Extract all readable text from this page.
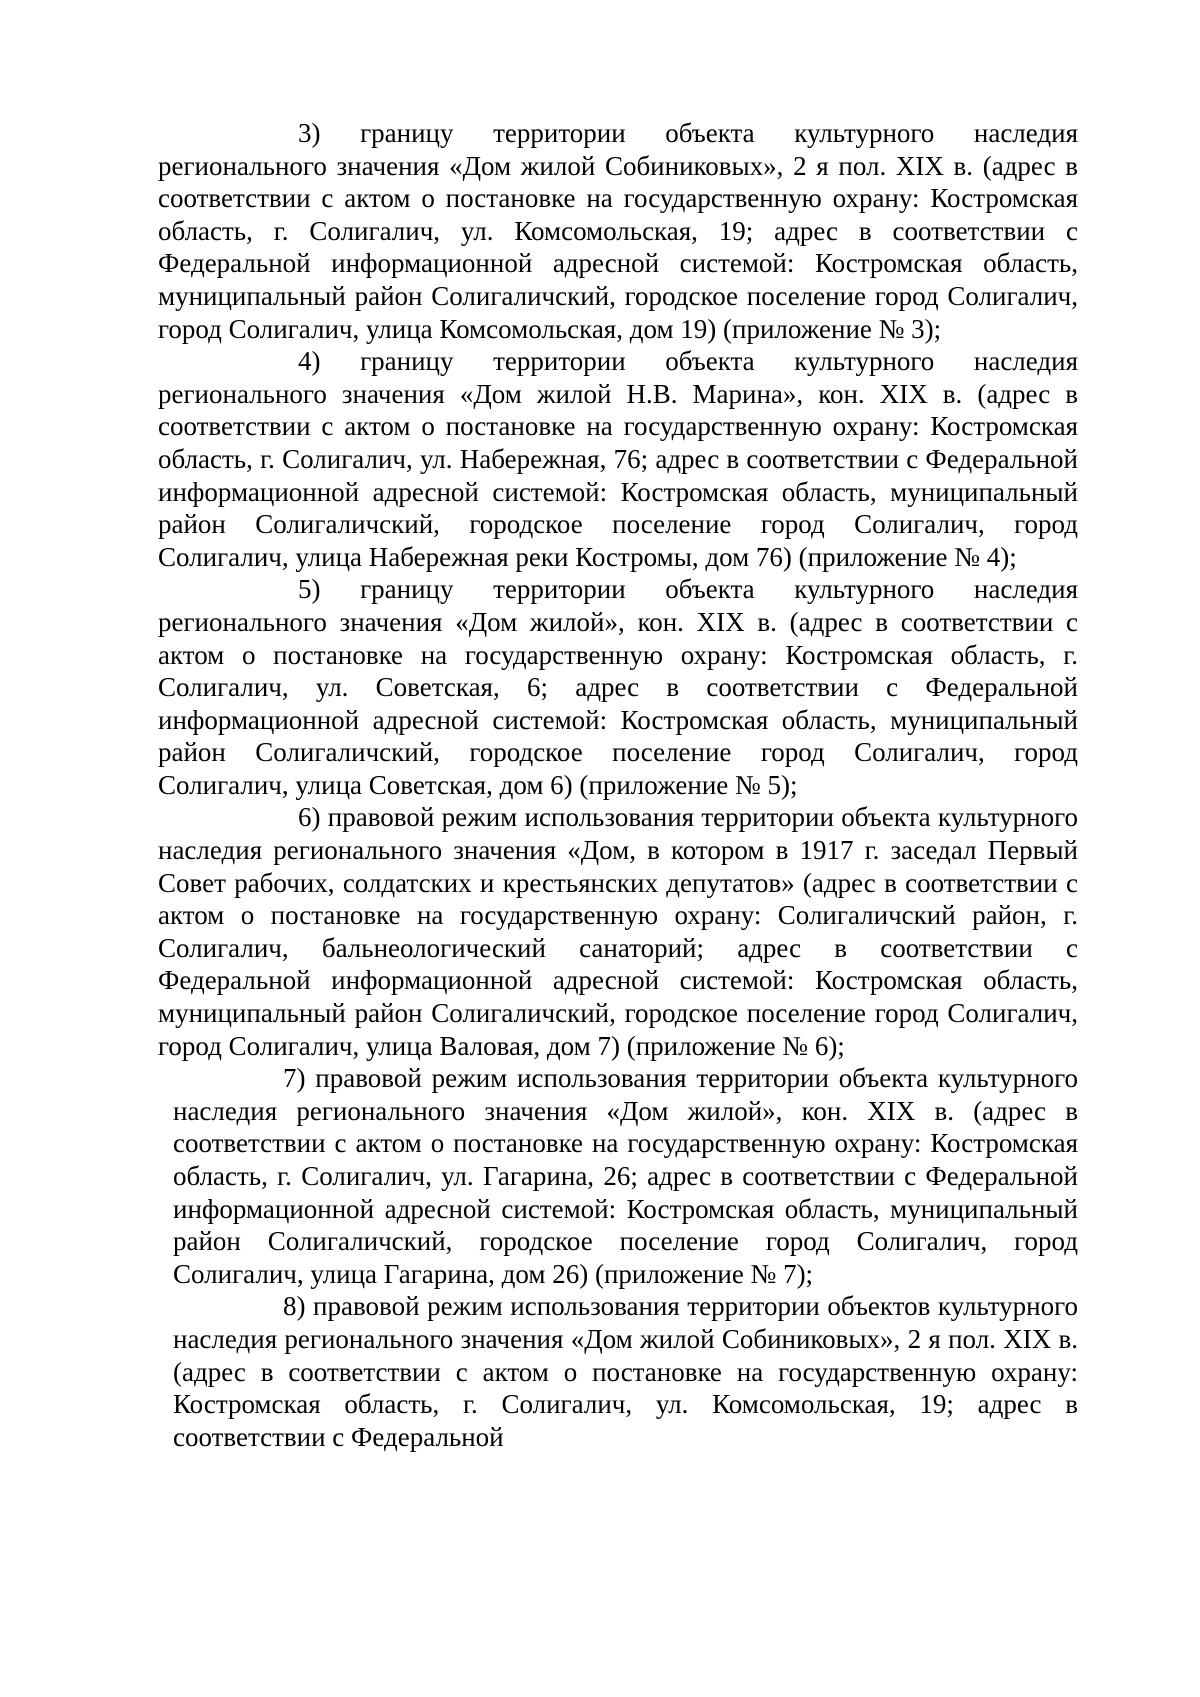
3) границу территории объекта культурного наследия регионального значения «Дом жилой Собиниковых», 2 я пол. XIX в. (адрес в соответствии с актом о постановке на государственную охрану: Костромская область, г. Солигалич, ул. Комсомольская, 19; адрес в соответствии с Федеральной информационной адресной системой: Костромская область, муниципальный район Солигаличский, городское поселение город Солигалич, город Солигалич, улица Комсомольская, дом 19) (приложение № 3);

4) границу территории объекта культурного наследия регионального значения «Дом жилой Н.В. Марина», кон. XIX в. (адрес в соответствии с актом о постановке на государственную охрану: Костромская область, г. Солигалич, ул. Набережная, 76; адрес в соответствии с Федеральной информационной адресной системой: Костромская область, муниципальный район Солигаличский, городское поселение город Солигалич, город Солигалич, улица Набережная реки Костромы, дом 76) (приложение № 4);

5) границу территории объекта культурного наследия регионального значения «Дом жилой», кон. XIX в. (адрес в соответствии с актом о постановке на государственную охрану: Костромская область, г. Солигалич, ул. Советская, 6; адрес в соответствии с Федеральной информационной адресной системой: Костромская область, муниципальный район Солигаличский, городское поселение город Солигалич, город Солигалич, улица Советская, дом 6) (приложение № 5);

6) правовой режим использования территории объекта культурного наследия регионального значения «Дом, в котором в 1917 г. заседал Первый Совет рабочих, солдатских и крестьянских депутатов» (адрес в соответствии с актом о постановке на государственную охрану: Солигаличский район, г. Солигалич, бальнеологический санаторий; адрес в соответствии с Федеральной информационной адресной системой: Костромская область, муниципальный район Солигаличский, городское поселение город Солигалич, город Солигалич, улица Валовая, дом 7) (приложение № 6);

7) правовой режим использования территории объекта культурного наследия регионального значения «Дом жилой», кон. XIX в. (адрес в соответствии с актом о постановке на государственную охрану: Костромская область, г. Солигалич, ул. Гагарина, 26; адрес в соответствии с Федеральной информационной адресной системой: Костромская область, муниципальный район Солигаличский, городское поселение город Солигалич, город Солигалич, улица Гагарина, дом 26) (приложение № 7);

8) правовой режим использования территории объектов культурного наследия регионального значения «Дом жилой Собиниковых», 2 я пол. XIX в. (адрес в соответствии с актом о постановке на государственную охрану: Костромская область, г. Солигалич, ул. Комсомольская, 19; адрес в соответствии с Федеральной
